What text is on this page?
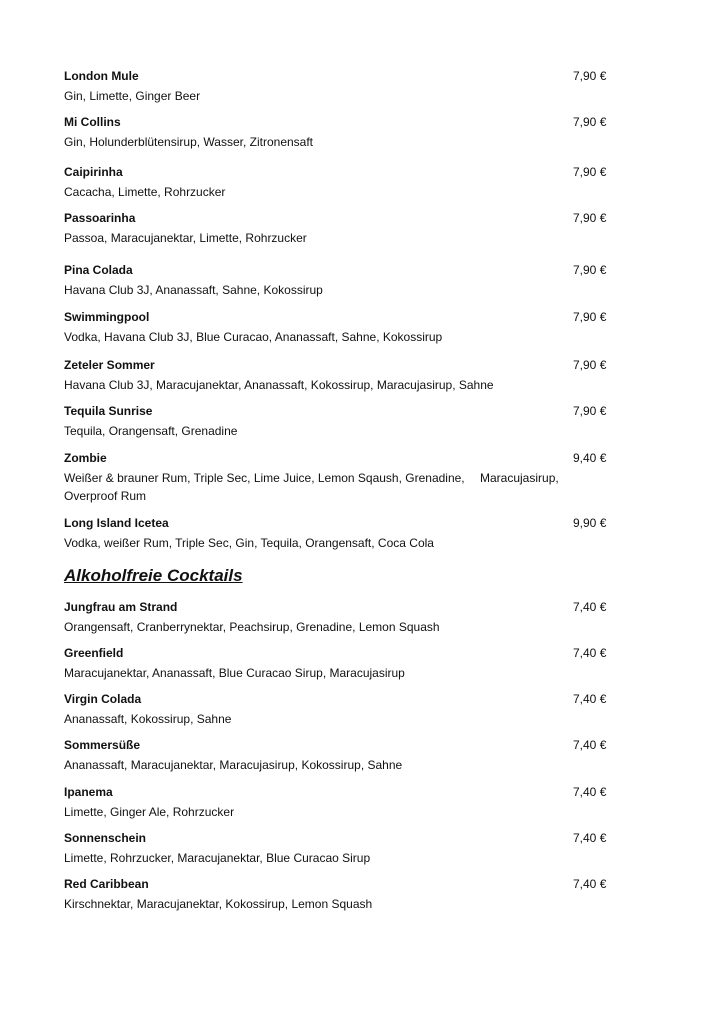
London Mule	7,90 €
Gin, Limette, Ginger Beer
Mi Collins	7,90 €
Gin, Holunderblütensirup, Wasser, Zitronensaft
Caipirinha	7,90 €
Cacacha, Limette, Rohrzucker
Passoarinha	7,90 €
Passoa, Maracujanektar, Limette, Rohrzucker
Pina Colada	7,90 €
Havana Club 3J, Ananassaft, Sahne, Kokossirup
Swimmingpool	7,90 €
Vodka, Havana Club 3J, Blue Curacao, Ananassaft, Sahne, Kokossirup
Zeteler Sommer	7,90 €
Havana Club 3J, Maracujanektar, Ananassaft, Kokossirup, Maracujasirup, Sahne
Tequila Sunrise	7,90 €
Tequila, Orangensaft, Grenadine
Zombie	9,40 €
Weißer & brauner Rum, Triple Sec, Lime Juice, Lemon Sqaush, Grenadine, Maracujasirup,
Overproof Rum
Long Island Icetea	9,90 €
Vodka, weißer Rum, Triple Sec, Gin, Tequila, Orangensaft, Coca Cola
Alkoholfreie Cocktails
Jungfrau am Strand	7,40 €
Orangensaft, Cranberrynektar, Peachsirup, Grenadine, Lemon Squash
Greenfield	7,40 €
Maracujanektar, Ananassaft, Blue Curacao Sirup, Maracujasirup
Virgin Colada	7,40 €
Ananassaft, Kokossirup, Sahne
Sommersüße	7,40 €
Ananassaft, Maracujanektar, Maracujasirup, Kokossirup, Sahne
Ipanema	7,40 €
Limette, Ginger Ale, Rohrzucker
Sonnenschein	7,40 €
Limette, Rohrzucker, Maracujanektar, Blue Curacao Sirup
Red Caribbean	7,40 €
Kirschnektar, Maracujanektar, Kokossirup, Lemon Squash
